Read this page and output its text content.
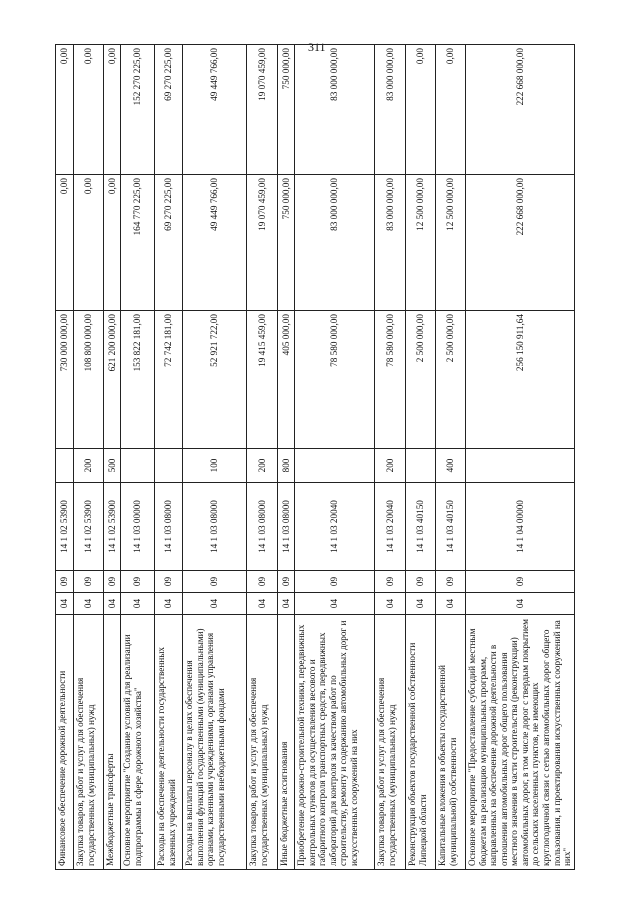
311
Финансовое обеспечение дорожной деятельности	04	09	14 1 02 53900		730 000 000,00	0,00	0,00
Закупка товаров, работ и услуг для обеспечения государственных (муниципальных) нужд	04	09	14 1 02 53900	200	108 800 000,00	0,00	0,00
Межбюджетные трансферты	04	09	14 1 02 53900	500	621 200 000,00	0,00	0,00
Основное мероприятие "Создание условий для реализации подпрограммы в сфере дорожного хозяйства"	04	09	14 1 03 00000		153 822 181,00	164 770 225,00	152 270 225,00
Расходы на обеспечение деятельности государственных казенных учреждений	04	09	14 1 03 08000		72 742 181,00	69 270 225,00	69 270 225,00
Расходы на выплаты персоналу в целях обеспечения выполнения функций государственными (муниципальными) органами, казенными учреждениями, органами управления государственными внебюджетными фондами	04	09	14 1 03 08000	100	52 921 722,00	49 449 766,00	49 449 766,00
Закупка товаров, работ и услуг для обеспечения государственных (муниципальных) нужд	04	09	14 1 03 08000	200	19 415 459,00	19 070 459,00	19 070 459,00
Иные бюджетные ассигнования	04	09	14 1 03 08000	800	405 000,00	750 000,00	750 000,00
Приобретение дорожно-строительной техники, передвижных контрольных пунктов для осуществления весового и габаритного контроля транспортных средств, передвижных лабораторий для контроля за качеством работ по строительству, ремонту и содержанию автомобильных дорог и искусственных сооружений на них	04	09	14 1 03 20040		78 580 000,00	83 000 000,00	83 000 000,00
Закупка товаров, работ и услуг для обеспечения государственных (муниципальных) нужд	04	09	14 1 03 20040	200	78 580 000,00	83 000 000,00	83 000 000,00
Реконструкция объектов государственной собственности Липецкой области	04	09	14 1 03 40150		2 500 000,00	12 500 000,00	0,00
Капитальные вложения в объекты государственной (муниципальной) собственности	04	09	14 1 03 40150	400	2 500 000,00	12 500 000,00	0,00
Основное мероприятие "Предоставление субсидий местным бюджетам на реализацию муниципальных программ, направленных на обеспечение дорожной деятельности в отношении автомобильных дорог общего пользования местного значения в части строительства (реконструкции) автомобильных дорог, в том числе дорог с твердым покрытием до сельских населенных пунктов, не имеющих круглогодичной связи с сетью автомобильных дорог общего пользования, и проектирования искусственных сооружений на них"	04	09	14 1 04 00000		256 150 911,64	222 668 000,00	222 668 000,00
